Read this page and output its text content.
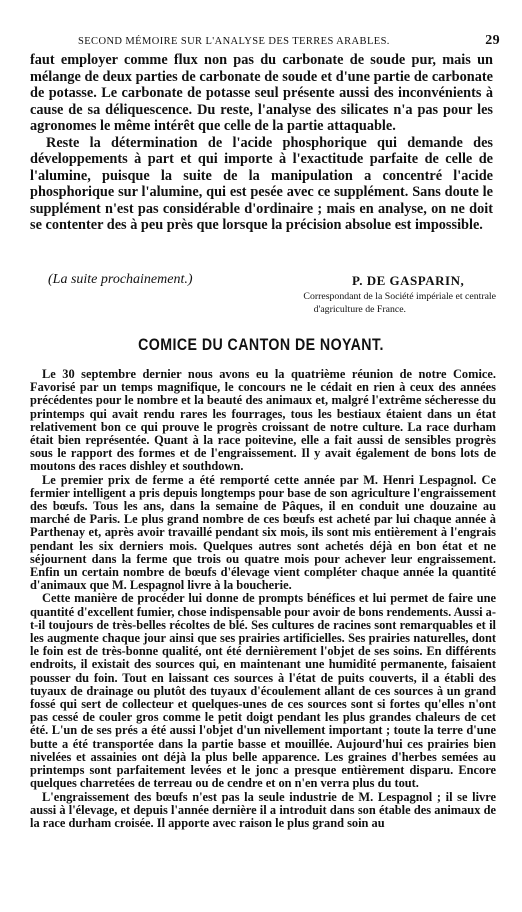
SECOND MÉMOIRE SUR L'ANALYSE DES TERRES ARABLES.	29

faut employer comme flux non pas du carbonate de soude pur, mais un mélange de deux parties de carbonate de soude et d'une partie de carbonate de potasse. Le carbonate de potasse seul présente aussi des inconvénients à cause de sa déliquescence. Du reste, l'analyse des silicates n'a pas pour les agronomes le même intérêt que celle de la partie attaquable.

Reste la détermination de l'acide phosphorique qui demande des développements à part et qui importe à l'exactitude parfaite de celle de l'alumine, puisque la suite de la manipulation a concentré l'acide phosphorique sur l'alumine, qui est pesée avec ce supplément. Sans doute le supplément n'est pas considérable d'ordinaire ; mais en analyse, on ne doit se contenter des à peu près que lorsque la précision absolue est impossible.

(La suite prochainement.)	P. DE GASPARIN,
Correspondant de la Société impériale et centrale
d'agriculture de France.
COMICE DU CANTON DE NOYANT.

Le 30 septembre dernier nous avons eu la quatrième réunion de notre Comice. Favorisé par un temps magnifique, le concours ne le cédait en rien à ceux des années précédentes pour le nombre et la beauté des animaux et, malgré l'extrême sécheresse du printemps qui avait rendu rares les fourrages, tous les bestiaux étaient dans un état relativement bon ce qui prouve le progrès croissant de notre culture. La race durham était bien représentée. Quant à la race poitevine, elle a fait aussi de sensibles progrès sous le rapport des formes et de l'engraissement. Il y avait également de bons lots de moutons des races dishley et southdown.

Le premier prix de ferme a été remporté cette année par M. Henri Lespagnol. Ce fermier intelligent a pris depuis longtemps pour base de son agriculture l'engraissement des bœufs. Tous les ans, dans la semaine de Pâques, il en conduit une douzaine au marché de Paris. Le plus grand nombre de ces bœufs est acheté par lui chaque année à Parthenay et, après avoir travaillé pendant six mois, ils sont mis entièrement à l'engrais pendant les six derniers mois. Quelques autres sont achetés déjà en bon état et ne séjournent dans la ferme que trois ou quatre mois pour achever leur engraissement. Enfin un certain nombre de bœufs d'élevage vient compléter chaque année la quantité d'animaux que M. Lespagnol livre à la boucherie.

Cette manière de procéder lui donne de prompts bénéfices et lui permet de faire une quantité d'excellent fumier, chose indispensable pour avoir de bons rendements. Aussi a-t-il toujours de très-belles récoltes de blé. Ses cultures de racines sont remarquables et il les augmente chaque jour ainsi que ses prairies artificielles. Ses prairies naturelles, dont le foin est de très-bonne qualité, ont été dernièrement l'objet de ses soins. En différents endroits, il existait des sources qui, en maintenant une humidité permanente, faisaient pousser du foin. Tout en laissant ces sources à l'état de puits couverts, il a établi des tuyaux de drainage ou plutôt des tuyaux d'écoulement allant de ces sources à un grand fossé qui sert de collecteur et quelques-unes de ces sources sont si fortes qu'elles n'ont pas cessé de couler gros comme le petit doigt pendant les plus grandes chaleurs de cet été. L'un de ses prés a été aussi l'objet d'un nivellement important ; toute la terre d'une butte a été transportée dans la partie basse et mouillée. Aujourd'hui ces prairies bien nivelées et assainies ont déjà la plus belle apparence. Les graines d'herbes semées au printemps sont parfaitement levées et le jonc a presque entièrement disparu. Encore quelques charretées de terreau ou de cendre et on n'en verra plus du tout.

L'engraissement des bœufs n'est pas la seule industrie de M. Lespagnol ; il se livre aussi à l'élevage, et depuis l'année dernière il a introduit dans son étable des animaux de la race durham croisée. Il apporte avec raison le plus grand soin au
